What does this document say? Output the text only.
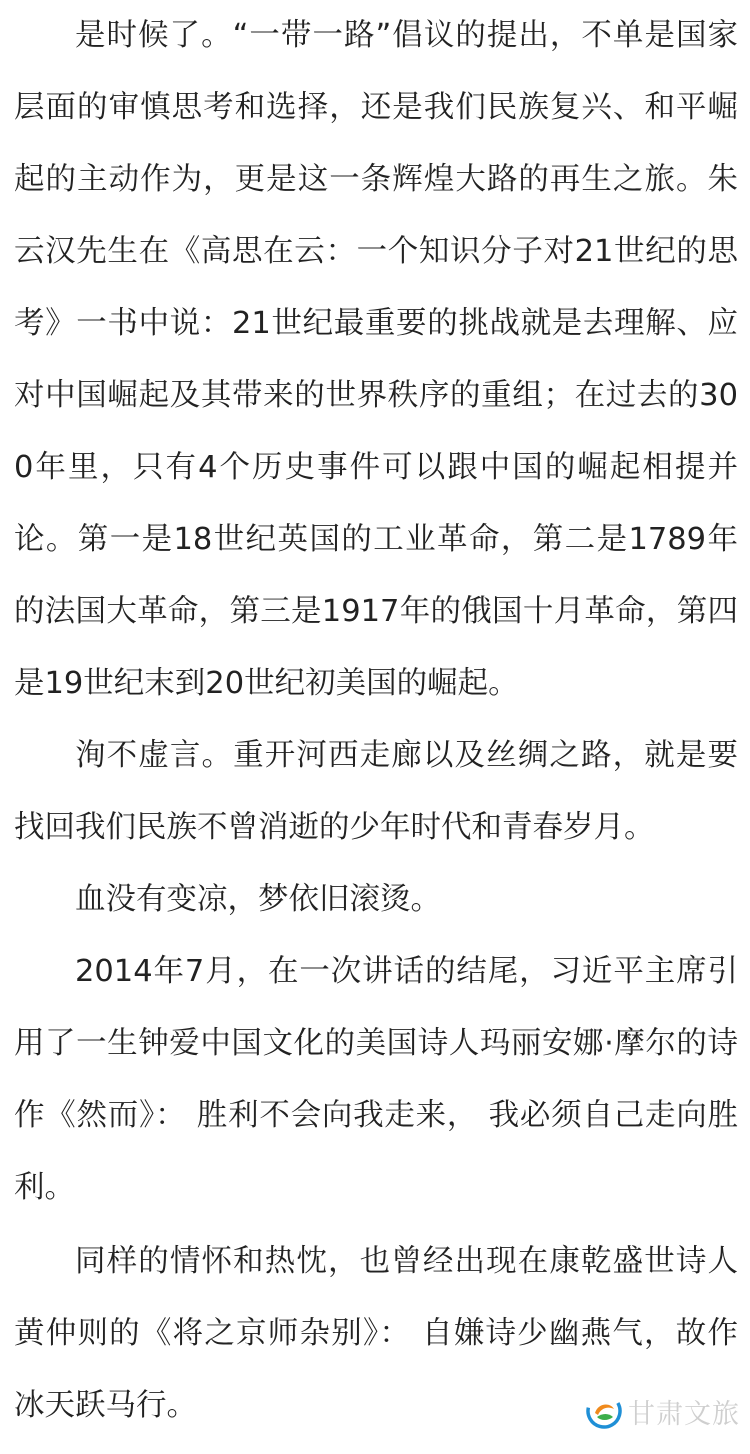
是时候了。“一带一路”倡议的提出，不单是国家层面的审慎思考和选择，还是我们民族复兴、和平崛起的主动作为，更是这一条辉煌大路的再生之旅。朱云汉先生在《高思在云：一个知识分子对21世纪的思考》一书中说：21世纪最重要的挑战就是去理解、应对中国崛起及其带来的世界秩序的重组；在过去的300年里，只有4个历史事件可以跟中国的崛起相提并论。第一是18世纪英国的工业革命，第二是1789年的法国大革命，第三是1917年的俄国十月革命，第四是19世纪末到20世纪初美国的崛起。

洵不虚言。重开河西走廊以及丝绸之路，就是要找回我们民族不曾消逝的少年时代和青春岁月。

血没有变凉，梦依旧滚烫。

2014年7月，在一次讲话的结尾，习近平主席引用了一生钟爱中国文化的美国诗人玛丽安娜·摩尔的诗作《然而》： 胜利不会向我走来， 我必须自己走向胜利。

同样的情怀和热忱，也曾经出现在康乾盛世诗人黄仲则的《将之京师杂别》： 自嫌诗少幽燕气，故作冰天跃马行。	甘肃文旅
